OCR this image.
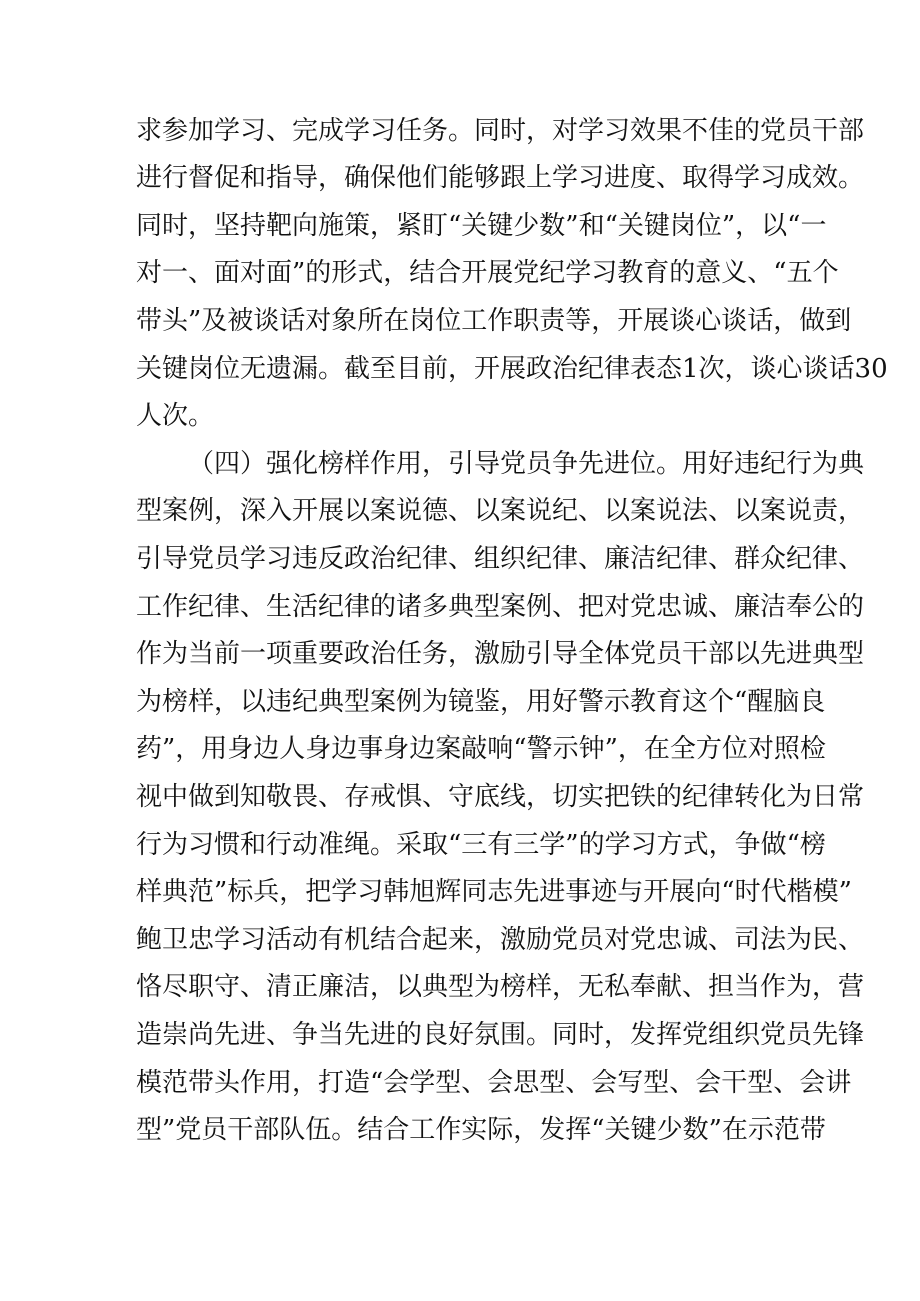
求参加学习、完成学习任务。同时，对学习效果不佳的党员干部
进行督促和指导，确保他们能够跟上学习进度、取得学习成效。
同时，坚持靶向施策，紧盯“关键少数”和“关键岗位”，以“一
对一、面对面”的形式，结合开展党纪学习教育的意义、“五个
带头”及被谈话对象所在岗位工作职责等，开展谈心谈话，做到
关键岗位无遗漏。截至目前，开展政治纪律表态1次，谈心谈话30
人次。
（四）强化榜样作用，引导党员争先进位。用好违纪行为典
型案例，深入开展以案说德、以案说纪、以案说法、以案说责，
引导党员学习违反政治纪律、组织纪律、廉洁纪律、群众纪律、
工作纪律、生活纪律的诸多典型案例、把对党忠诚、廉洁奉公的
作为当前一项重要政治任务，激励引导全体党员干部以先进典型
为榜样，以违纪典型案例为镜鉴，用好警示教育这个“醒脑良
药”，用身边人身边事身边案敲响“警示钟”，在全方位对照检
视中做到知敬畏、存戒惧、守底线，切实把铁的纪律转化为日常
行为习惯和行动准绳。采取“三有三学”的学习方式，争做“榜
样典范”标兵，把学习韩旭辉同志先进事迹与开展向“时代楷模”
鲍卫忠学习活动有机结合起来，激励党员对党忠诚、司法为民、
恪尽职守、清正廉洁，以典型为榜样，无私奉献、担当作为，营
造崇尚先进、争当先进的良好氛围。同时，发挥党组织党员先锋
模范带头作用，打造“会学型、会思型、会写型、会干型、会讲
型”党员干部队伍。结合工作实际，发挥“关键少数”在示范带
